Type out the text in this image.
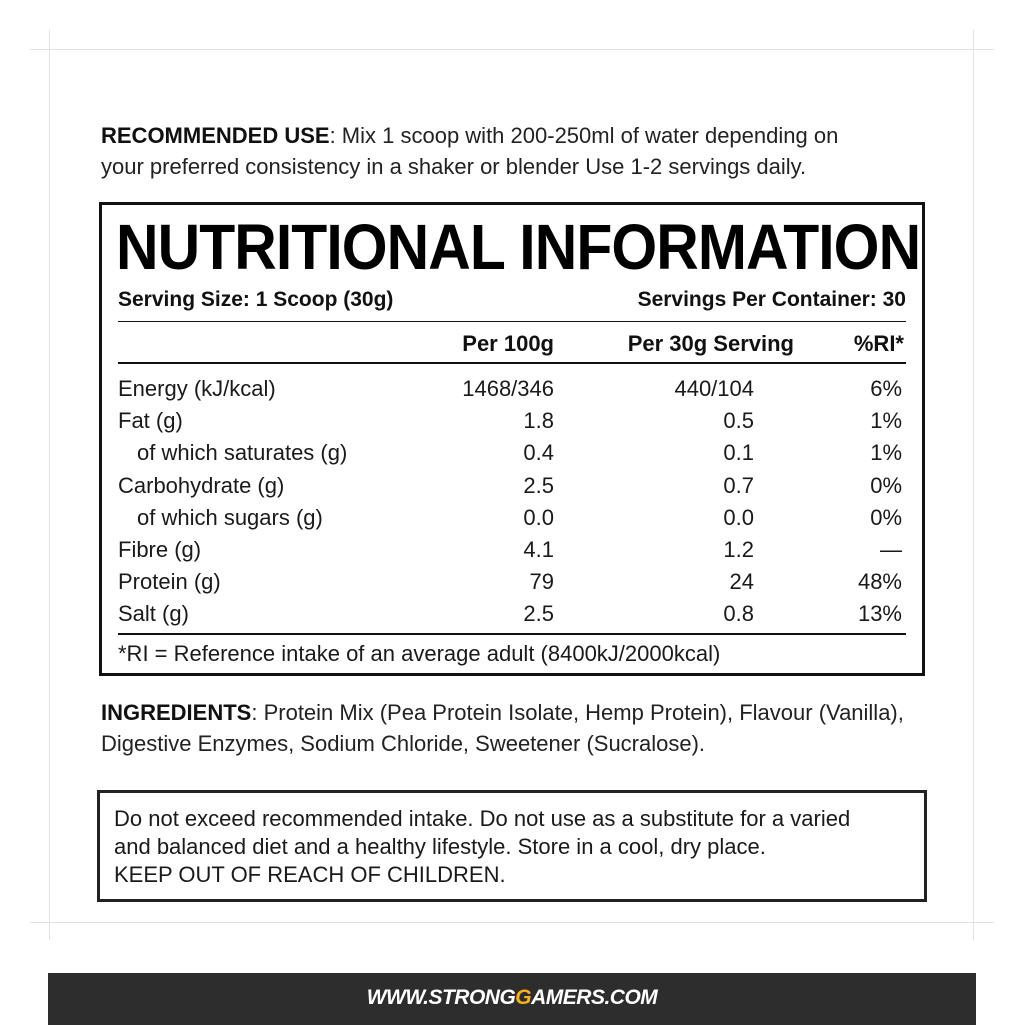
RECOMMENDED USE: Mix 1 scoop with 200-250ml of water depending on
your preferred consistency in a shaker or blender Use 1-2 servings daily.
NUTRITIONAL INFORMATION
Serving Size: 1 Scoop (30g)	Servings Per Container: 30
Per 100g	Per 30g Serving	%RI*
Energy (kJ/kcal)	1468/346	440/104	6%
Fat (g)	1.8	0.5	1%
of which saturates (g)	0.4	0.1	1%
Carbohydrate (g)	2.5	0.7	0%
of which sugars (g)	0.0	0.0	0%
Fibre (g)	4.1	1.2	—
Protein (g)	79	24	48%
Salt (g)	2.5	0.8	13%
*RI = Reference intake of an average adult (8400kJ/2000kcal)
INGREDIENTS: Protein Mix (Pea Protein Isolate, Hemp Protein), Flavour (Vanilla),
Digestive Enzymes, Sodium Chloride, Sweetener (Sucralose).
Do not exceed recommended intake. Do not use as a substitute for a varied
and balanced diet and a healthy lifestyle. Store in a cool, dry place.
KEEP OUT OF REACH OF CHILDREN.
WWW.STRONGGAMERS.COM
